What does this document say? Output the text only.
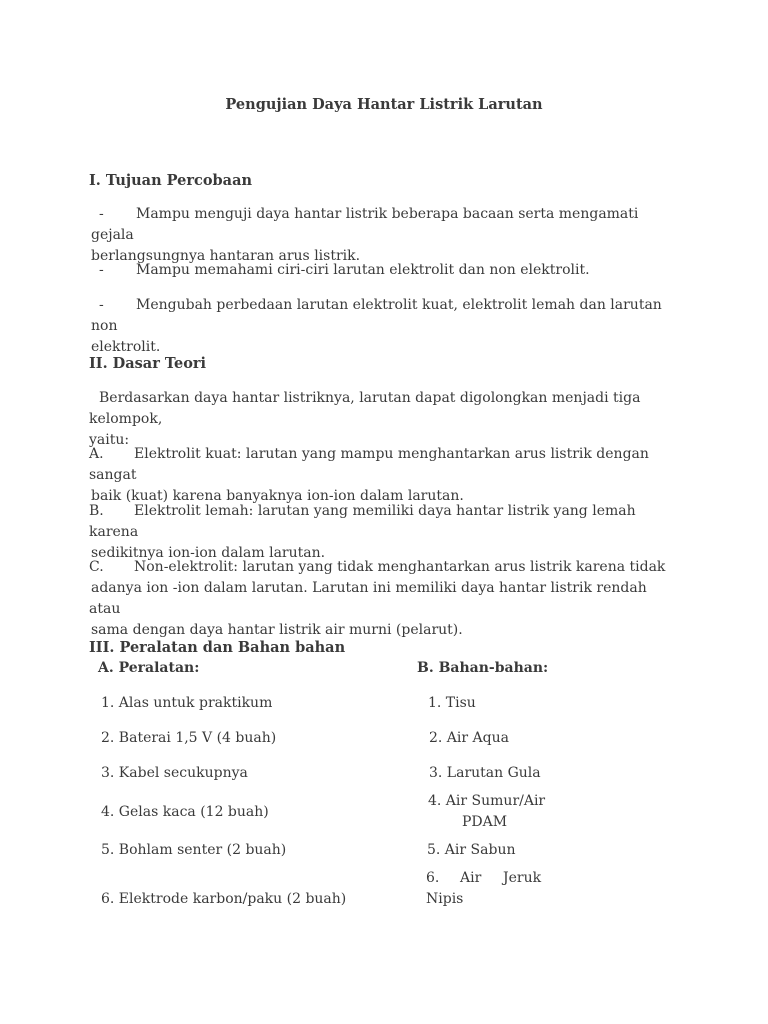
Pengujian Daya Hantar Listrik Larutan
I. Tujuan Percobaan
- Mampu menguji daya hantar listrik beberapa bacaan serta mengamati gejala
berlangsungnya hantaran arus listrik.
- Mampu memahami ciri-ciri larutan elektrolit dan non elektrolit.
- Mengubah perbedaan larutan elektrolit kuat, elektrolit lemah dan larutan non
elektrolit.
II. Dasar Teori
Berdasarkan daya hantar listriknya, larutan dapat digolongkan menjadi tiga kelompok,
yaitu:
A. Elektrolit kuat: larutan yang mampu menghantarkan arus listrik dengan sangat
baik (kuat) karena banyaknya ion-ion dalam larutan.
B. Elektrolit lemah: larutan yang memiliki daya hantar listrik yang lemah karena
sedikitnya ion-ion dalam larutan.
C. Non-elektrolit: larutan yang tidak menghantarkan arus listrik karena tidak
adanya ion -ion dalam larutan. Larutan ini memiliki daya hantar listrik rendah atau
sama dengan daya hantar listrik air murni (pelarut).
III. Peralatan dan Bahan bahan
A. Peralatan:	B. Bahan-bahan:
1. Alas untuk praktikum
2. Baterai 1,5 V (4 buah)
3. Kabel secukupnya
4. Gelas kaca (12 buah)
5. Bohlam senter (2 buah)
6. Elektrode karbon/paku (2 buah)
1. Tisu
2. Air Aqua
3. Larutan Gula
4. Air Sumur/Air
PDAM
5. Air Sabun
6. Air Jeruk
Nipis
